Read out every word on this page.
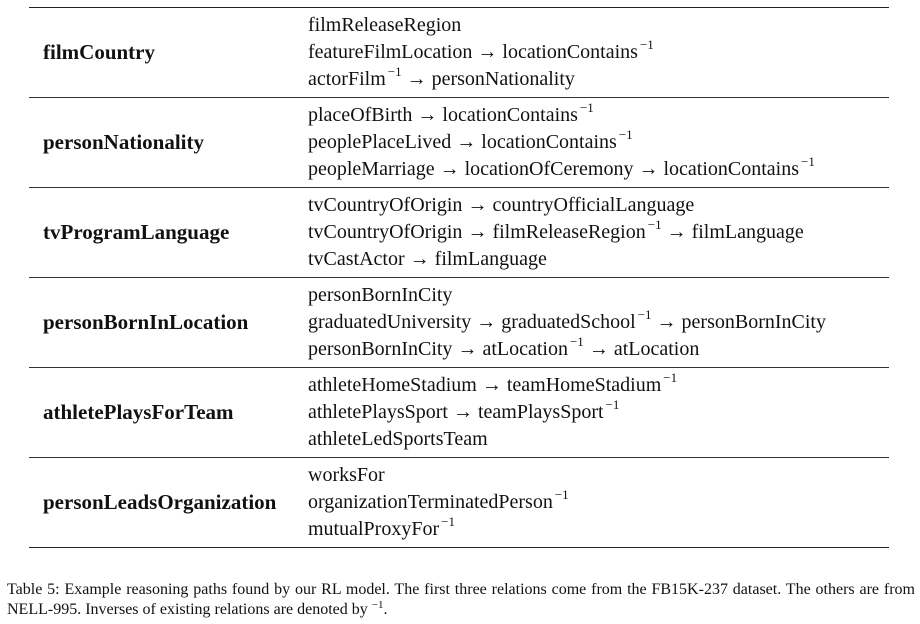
filmCountry
filmReleaseRegion
featureFilmLocation → locationContains $^{-1}$
actorFilm $^{-1}$ → personNationality
personNationality
placeOfBirth → locationContains $^{-1}$
peoplePlaceLived → locationContains $^{-1}$
peopleMarriage → locationOfCeremony → locationContains $^{-1}$
tvProgramLanguage
tvCountryOfOrigin → countryOfficialLanguage
tvCountryOfOrigin → filmReleaseRegion $^{-1}$ → filmLanguage
tvCastActor → filmLanguage
personBornInLocation
personBornInCity
graduatedUniversity → graduatedSchool $^{-1}$ → personBornInCity
personBornInCity → atLocation $^{-1}$ → atLocation
athletePlaysForTeam
athleteHomeStadium → teamHomeStadium $^{-1}$
athletePlaysSport → teamPlaysSport $^{-1}$
athleteLedSportsTeam
personLeadsOrganization
worksFor
organizationTerminatedPerson $^{-1}$
mutualProxyFor $^{-1}$
Table 5: Example reasoning paths found by our RL model. The first three relations come from the FB15K-237 dataset. The others are from NELL-995. Inverses of existing relations are denoted by $^{-1}$.
